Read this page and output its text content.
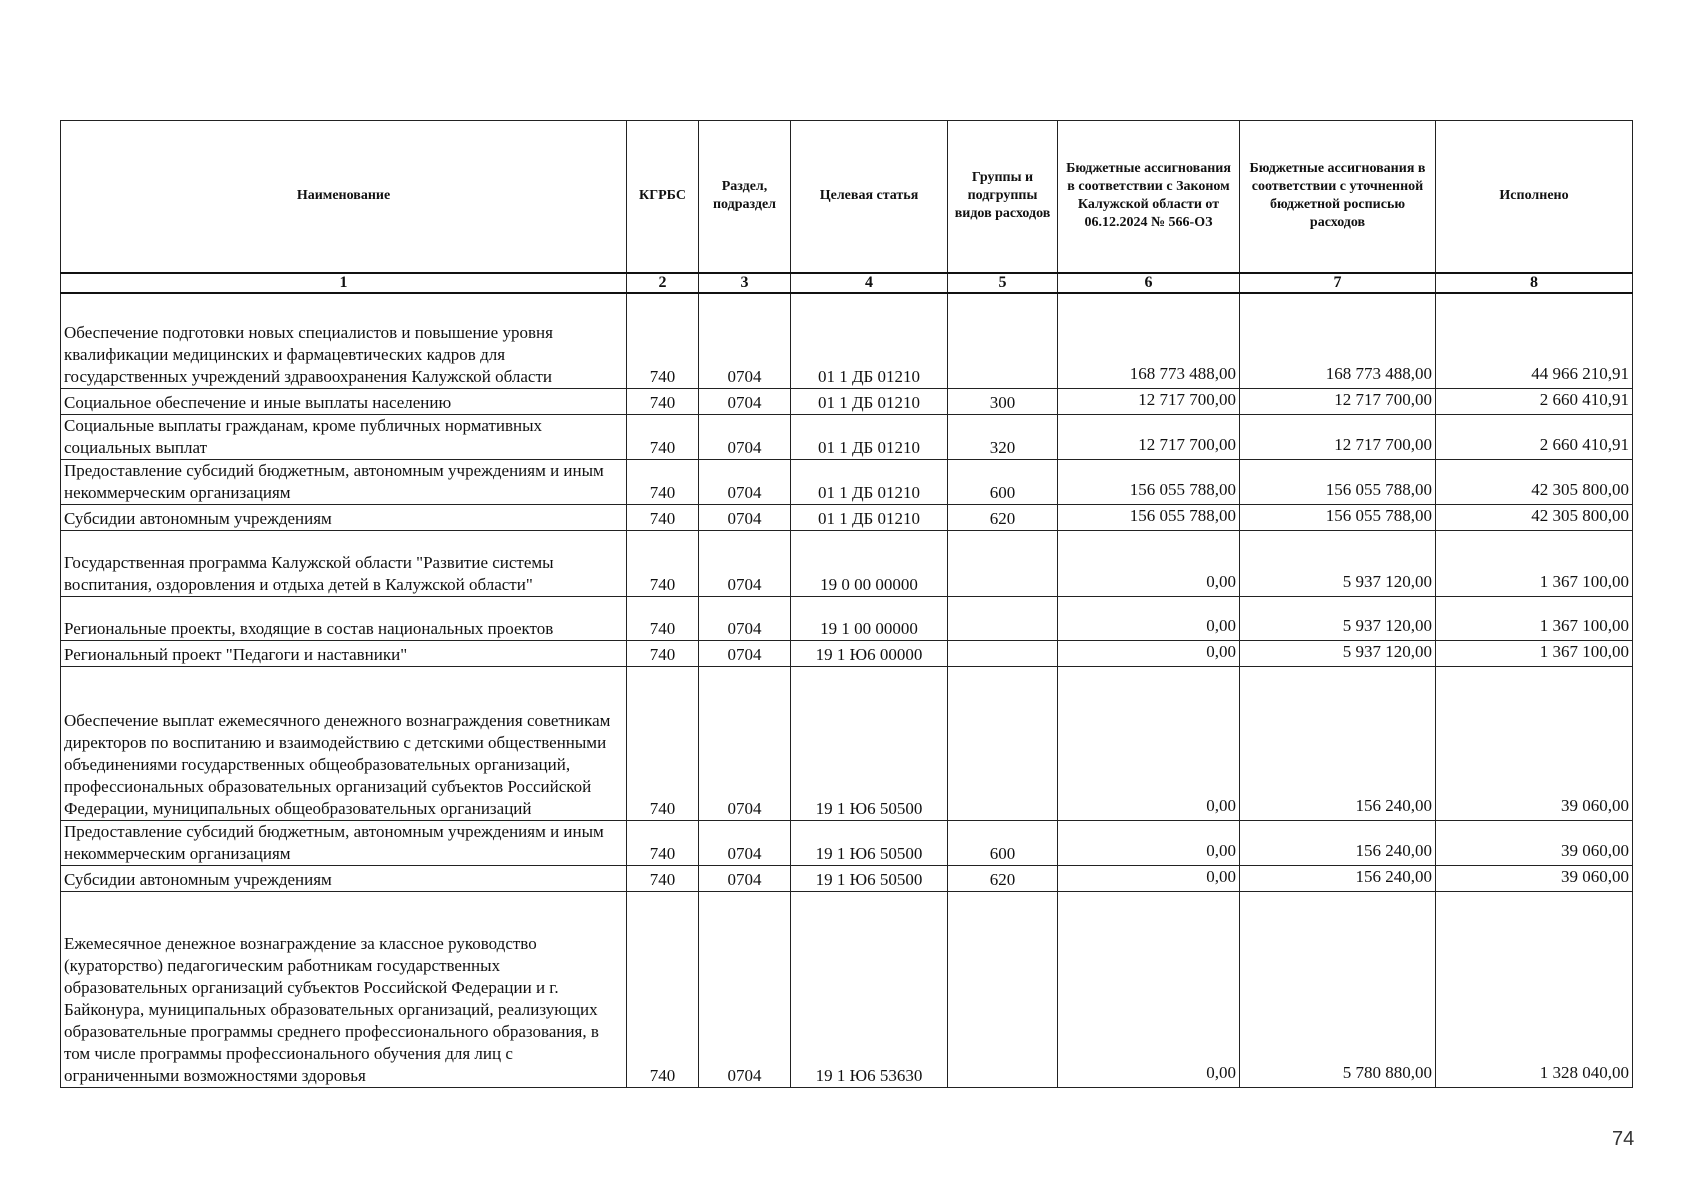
Наименование	КГРБС	Раздел, подраздел	Целевая статья	Группы и подгруппы видов расходов	Бюджетные ассигнования в соответствии с Законом Калужской области от 06.12.2024 № 566-ОЗ	Бюджетные ассигнования в соответствии с уточненной бюджетной росписью расходов	Исполнено
1	2	3	4	5	6	7	8
Обеспечение подготовки новых специалистов и повышение уровня квалификации медицинских и фармацевтических кадров для государственных учреждений здравоохранения Калужской области	740	0704	01 1 ДБ 01210		168 773 488,00	168 773 488,00	44 966 210,91
Социальное обеспечение и иные выплаты населению	740	0704	01 1 ДБ 01210	300	12 717 700,00	12 717 700,00	2 660 410,91
Социальные выплаты гражданам, кроме публичных нормативных социальных выплат	740	0704	01 1 ДБ 01210	320	12 717 700,00	12 717 700,00	2 660 410,91
Предоставление субсидий бюджетным, автономным учреждениям и иным некоммерческим организациям	740	0704	01 1 ДБ 01210	600	156 055 788,00	156 055 788,00	42 305 800,00
Субсидии автономным учреждениям	740	0704	01 1 ДБ 01210	620	156 055 788,00	156 055 788,00	42 305 800,00
Государственная программа Калужской области "Развитие системы воспитания, оздоровления и отдыха детей в Калужской области"	740	0704	19 0 00 00000		0,00	5 937 120,00	1 367 100,00
Региональные проекты, входящие в состав национальных проектов	740	0704	19 1 00 00000		0,00	5 937 120,00	1 367 100,00
Региональный проект "Педагоги и наставники"	740	0704	19 1 Ю6 00000		0,00	5 937 120,00	1 367 100,00
Обеспечение выплат ежемесячного денежного вознаграждения советникам директоров по воспитанию и взаимодействию с детскими общественными объединениями государственных общеобразовательных организаций, профессиональных образовательных организаций субъектов Российской Федерации, муниципальных общеобразовательных организаций	740	0704	19 1 Ю6 50500		0,00	156 240,00	39 060,00
Предоставление субсидий бюджетным, автономным учреждениям и иным некоммерческим организациям	740	0704	19 1 Ю6 50500	600	0,00	156 240,00	39 060,00
Субсидии автономным учреждениям	740	0704	19 1 Ю6 50500	620	0,00	156 240,00	39 060,00
Ежемесячное денежное вознаграждение за классное руководство (кураторство) педагогическим работникам государственных образовательных организаций субъектов Российской Федерации и г. Байконура, муниципальных образовательных организаций, реализующих образовательные программы среднего профессионального образования, в том числе программы профессионального обучения для лиц с ограниченными возможностями здоровья	740	0704	19 1 Ю6 53630		0,00	5 780 880,00	1 328 040,00
74
